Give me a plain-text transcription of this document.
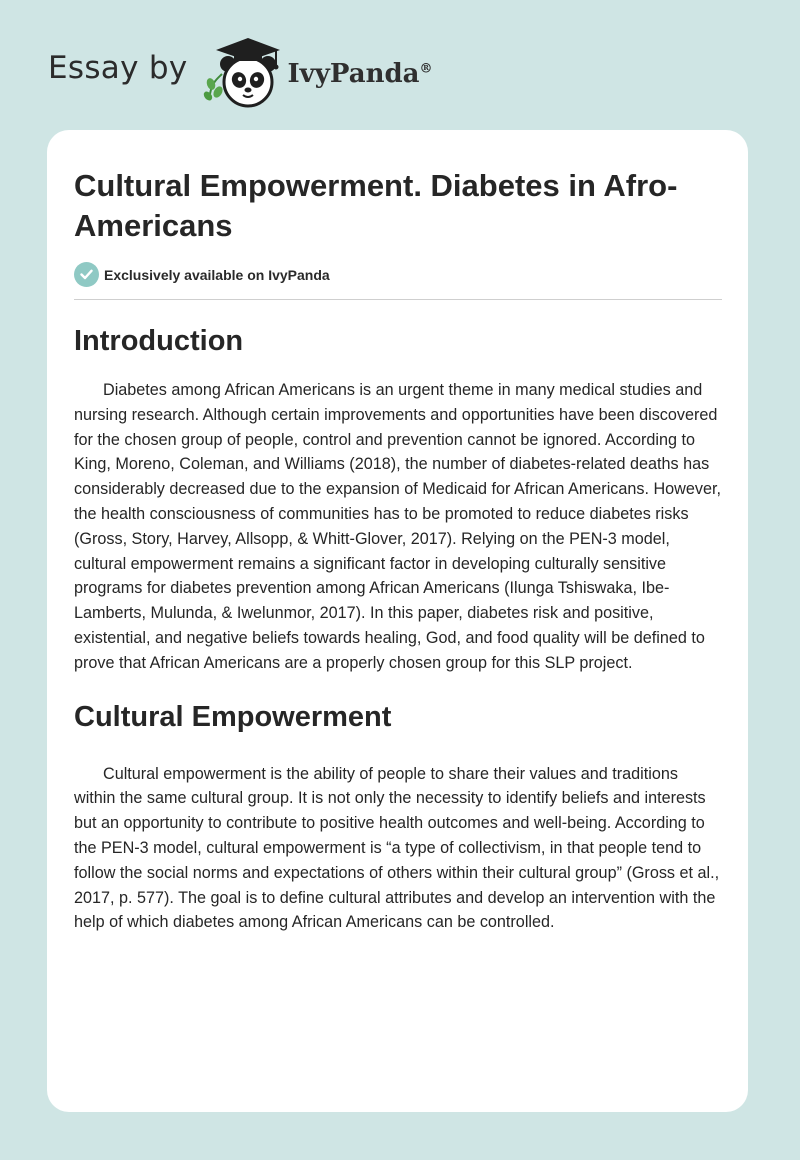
Essay by	IvyPanda®
Cultural Empowerment. Diabetes in Afro-Americans
Exclusively available on IvyPanda
Introduction

Diabetes among African Americans is an urgent theme in many medical studies and nursing research. Although certain improvements and opportunities have been discovered for the chosen group of people, control and prevention cannot be ignored. According to King, Moreno, Coleman, and Williams (2018), the number of diabetes-related deaths has considerably decreased due to the expansion of Medicaid for African Americans. However, the health consciousness of communities has to be promoted to reduce diabetes risks (Gross, Story, Harvey, Allsopp, & Whitt-Glover, 2017). Relying on the PEN-3 model, cultural empowerment remains a significant factor in developing culturally sensitive programs for diabetes prevention among African Americans (Ilunga Tshiswaka, Ibe-Lamberts, Mulunda, & Iwelunmor, 2017). In this paper, diabetes risk and positive, existential, and negative beliefs towards healing, God, and food quality will be defined to prove that African Americans are a properly chosen group for this SLP project.

Cultural Empowerment

Cultural empowerment is the ability of people to share their values and traditions within the same cultural group. It is not only the necessity to identify beliefs and interests but an opportunity to contribute to positive health outcomes and well-being. According to the PEN-3 model, cultural empowerment is “a type of collectivism, in that people tend to follow the social norms and expectations of others within their cultural group” (Gross et al., 2017, p. 577). The goal is to define cultural attributes and develop an intervention with the help of which diabetes among African Americans can be controlled.
